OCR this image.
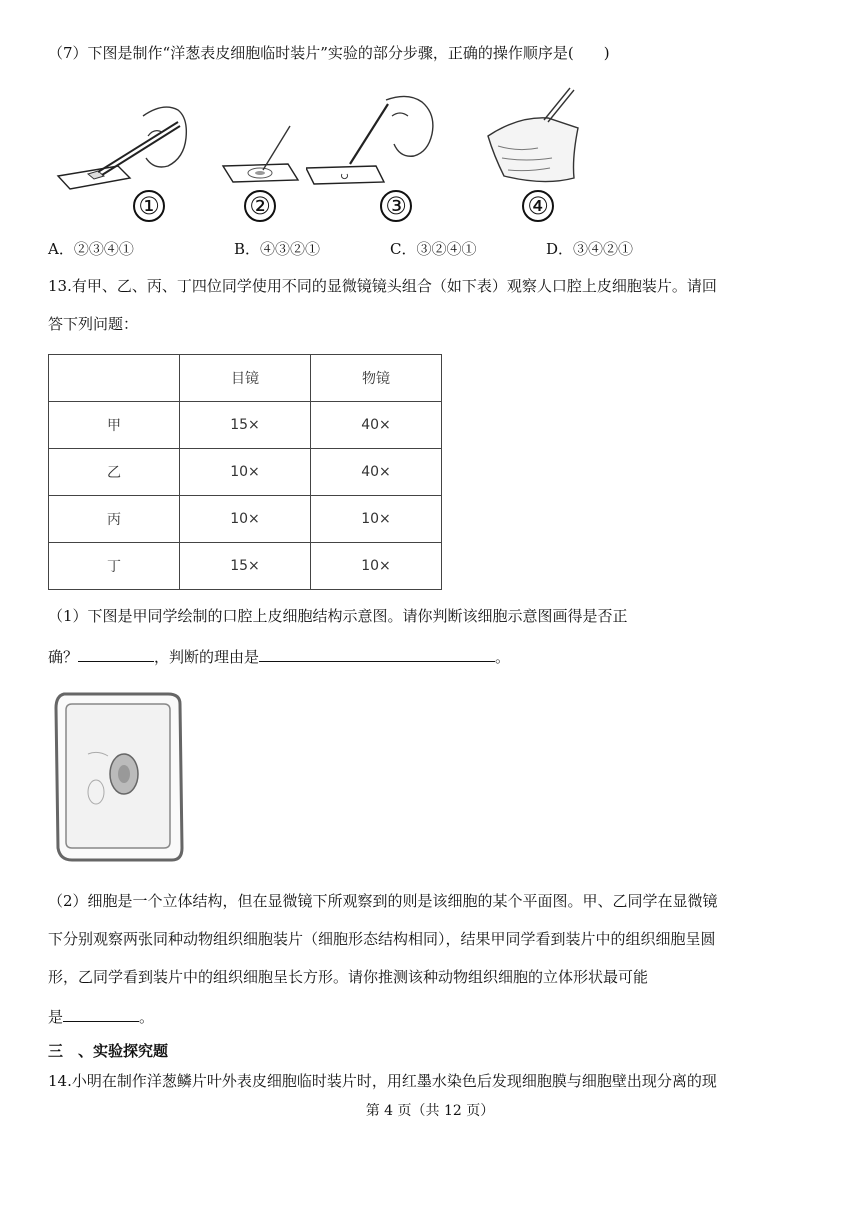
（7）下图是制作“洋葱表皮细胞临时装片”实验的部分步骤，正确的操作顺序是(　　)
①	②	③	④
A．②③④①	B．④③②①	C．③②④①	D．③④②①
13.有甲、乙、丙、丁四位同学使用不同的显微镜镜头组合（如下表）观察人口腔上皮细胞装片。请回
答下列问题：
	目镜	物镜
甲	15×	40×
乙	10×	40×
丙	10×	10×
丁	15×	10×
（1）下图是甲同学绘制的口腔上皮细胞结构示意图。请你判断该细胞示意图画得是否正
确？	，判断的理由是	。
（2）细胞是一个立体结构，但在显微镜下所观察到的则是该细胞的某个平面图。甲、乙同学在显微镜
下分别观察两张同种动物组织细胞装片（细胞形态结构相同），结果甲同学看到装片中的组织细胞呈圆
形，乙同学看到装片中的组织细胞呈长方形。请你推测该种动物组织细胞的立体形状最可能
是	。
三　、实验探究题
14.小明在制作洋葱鳞片叶外表皮细胞临时装片时，用红墨水染色后发现细胞膜与细胞壁出现分离的现
第 4 页（共 12 页）
